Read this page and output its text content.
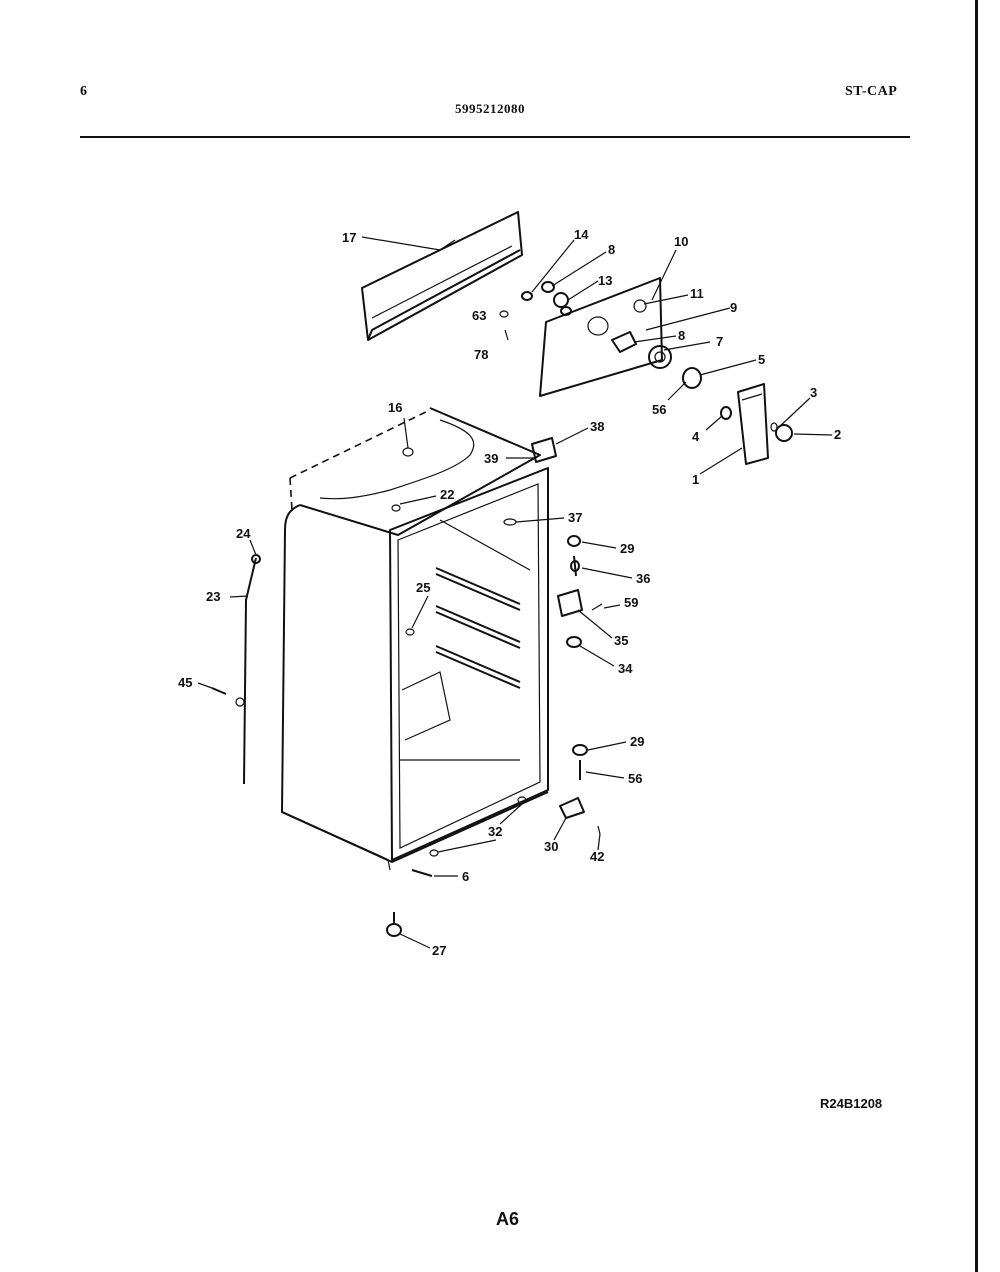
6
5995212080
ST-CAP
17	14
8
13
10
11
9
63
78
8 7
5
56
3
4	2
1
16
38
39
22
37
24
29
23
36
25
59
35
45
34
29
56
32
30
42
6
27
R24B1208
A6
